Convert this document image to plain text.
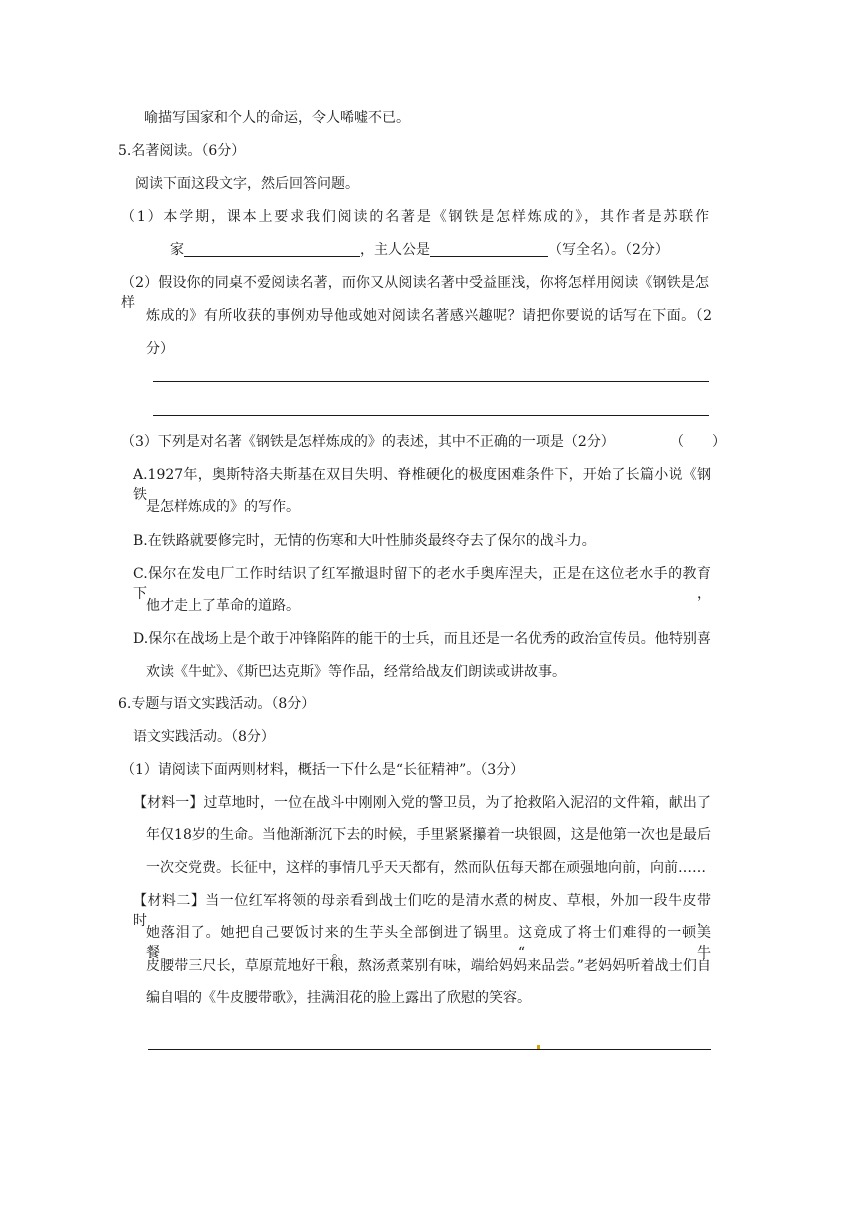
喻描写国家和个人的命运，令人唏嘘不已。
5.名著阅读。（6分）
阅读下面这段文字，然后回答问题。
（1）本学期，课本上要求我们阅读的名著是《钢铁是怎样炼成的》，其作者是苏联作
家	，主人公是	（写全名）。（2分）
（2）假设你的同桌不爱阅读名著，而你又从阅读名著中受益匪浅，你将怎样用阅读《钢铁是怎样
炼成的》有所收获的事例劝导他或她对阅读名著感兴趣呢？请把你要说的话写在下面。（2
分）
（3）下列是对名著《钢铁是怎样炼成的》的表述，其中不正确的一项是（2分）	（　　）
A.1927年，奥斯特洛夫斯基在双目失明、脊椎硬化的极度困难条件下，开始了长篇小说《钢铁
是怎样炼成的》的写作。
B.在铁路就要修完时，无情的伤寒和大叶性肺炎最终夺去了保尔的战斗力。
C.保尔在发电厂工作时结识了红军撤退时留下的老水手奥库涅夫，正是在这位老水手的教育下，
他才走上了革命的道路。
D.保尔在战场上是个敢于冲锋陷阵的能干的士兵，而且还是一名优秀的政治宣传员。他特别喜
欢读《牛虻》、《斯巴达克斯》等作品，经常给战友们朗读或讲故事。
6.专题与语文实践活动。（8分）
语文实践活动。（8分）
（1）请阅读下面两则材料，概括一下什么是“长征精神”。（3分）
【材料一】过草地时，一位在战斗中刚刚入党的警卫员，为了抢救陷入泥沼的文件箱，献出了
年仅18岁的生命。当他渐渐沉下去的时候，手里紧紧攥着一块银圆，这是他第一次也是最后
一次交党费。长征中，这样的事情几乎天天都有，然而队伍每天都在顽强地向前，向前……
【材料二】当一位红军将领的母亲看到战士们吃的是清水煮的树皮、草根，外加一段牛皮带时，
她落泪了。她把自己要饭讨来的生芋头全部倒进了锅里。这竟成了将士们难得的一顿美餐。“牛
皮腰带三尺长，草原荒地好干粮，熬汤煮菜别有味，端给妈妈来品尝。”老妈妈听着战士们自
编自唱的《牛皮腰带歌》，挂满泪花的脸上露出了欣慰的笑容。
